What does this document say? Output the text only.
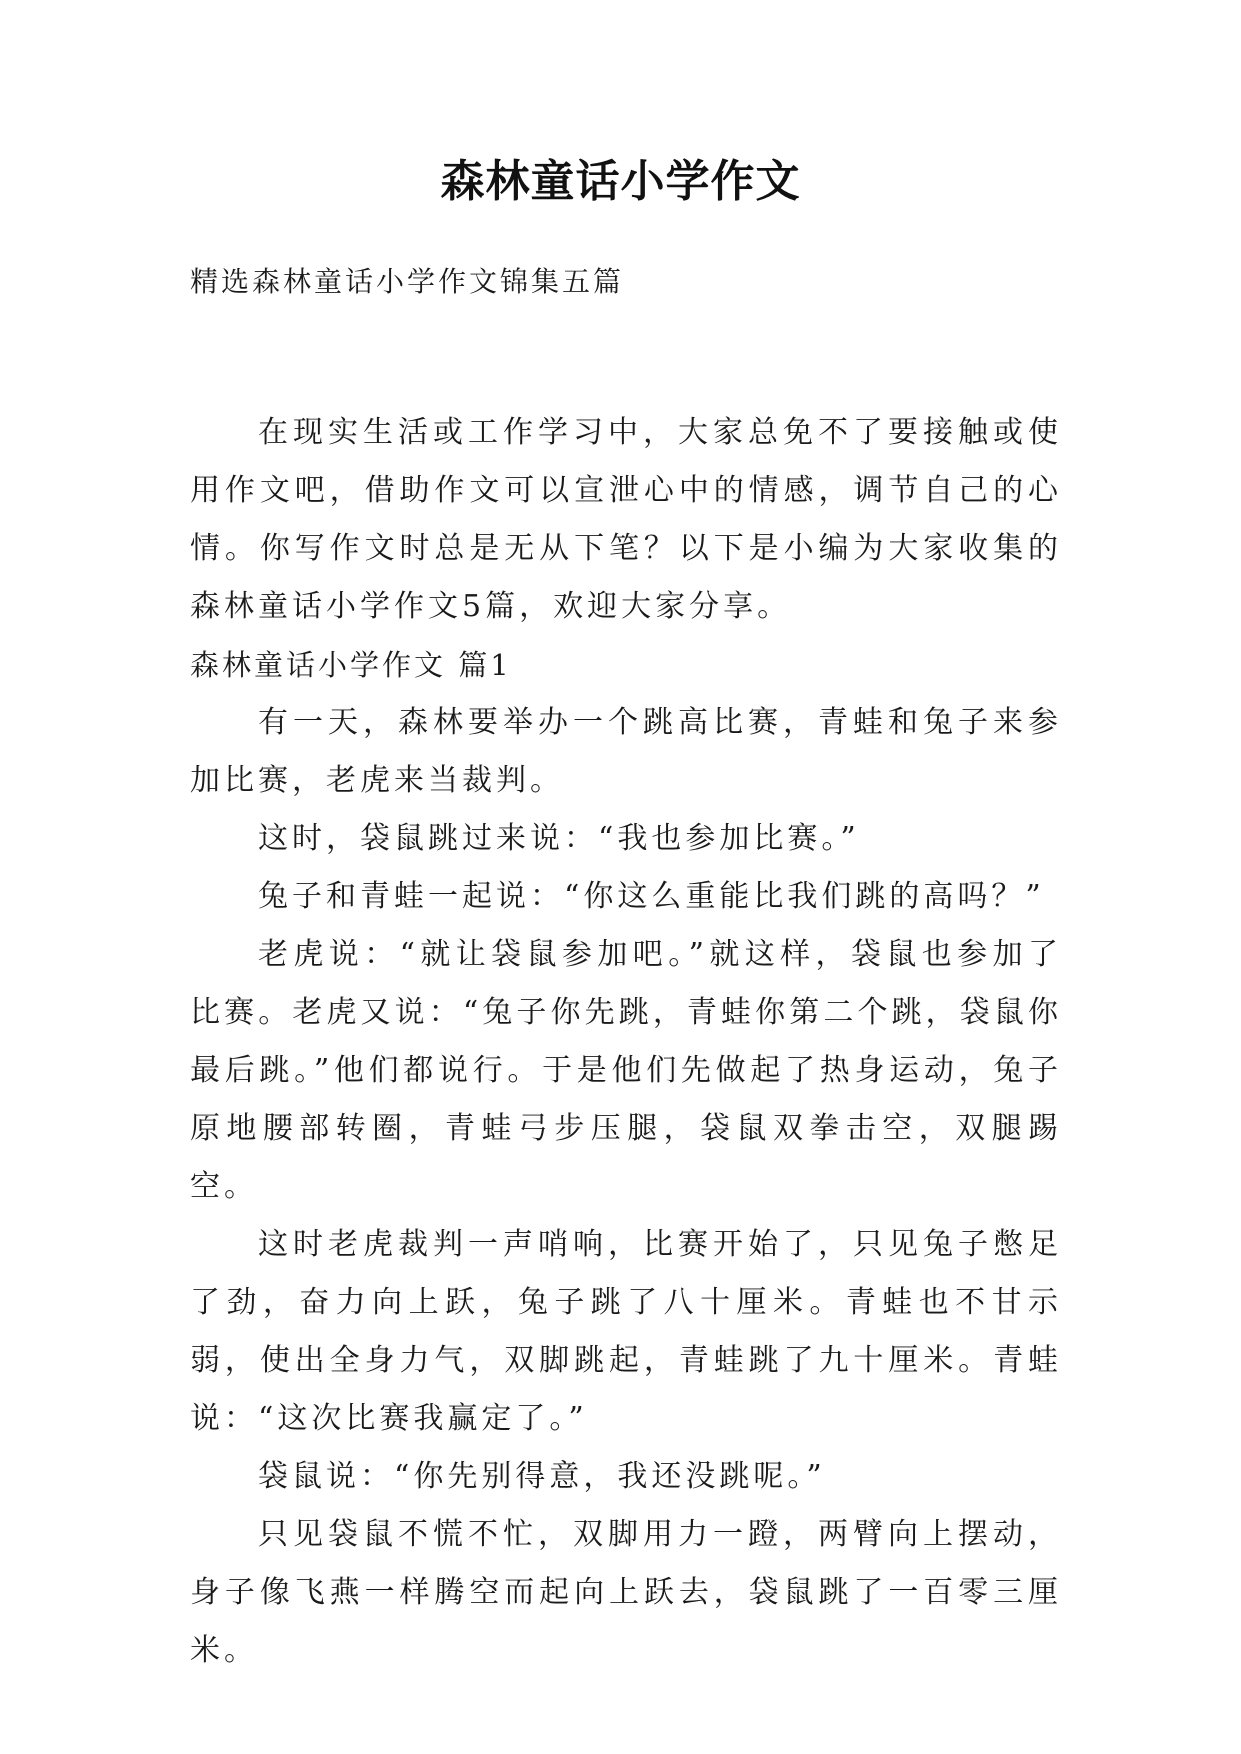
森林童话小学作文
精选森林童话小学作文锦集五篇

在现实生活或工作学习中，大家总免不了要接触或使用作文吧，借助作文可以宣泄心中的情感，调节自己的心情。你写作文时总是无从下笔？以下是小编为大家收集的森林童话小学作文5篇，欢迎大家分享。

森林童话小学作文 篇1

有一天，森林要举办一个跳高比赛，青蛙和兔子来参加比赛，老虎来当裁判。

这时，袋鼠跳过来说：“我也参加比赛。”

兔子和青蛙一起说：“你这么重能比我们跳的高吗？”

老虎说：“就让袋鼠参加吧。”就这样，袋鼠也参加了比赛。老虎又说：“兔子你先跳，青蛙你第二个跳，袋鼠你最后跳。”他们都说行。于是他们先做起了热身运动，兔子原地腰部转圈，青蛙弓步压腿，袋鼠双拳击空，双腿踢空。

这时老虎裁判一声哨响，比赛开始了，只见兔子憋足了劲，奋力向上跃，兔子跳了八十厘米。青蛙也不甘示弱，使出全身力气，双脚跳起，青蛙跳了九十厘米。青蛙说：“这次比赛我赢定了。”

袋鼠说：“你先别得意，我还没跳呢。”

只见袋鼠不慌不忙，双脚用力一蹬，两臂向上摆动，身子像飞燕一样腾空而起向上跃去，袋鼠跳了一百零三厘米。
